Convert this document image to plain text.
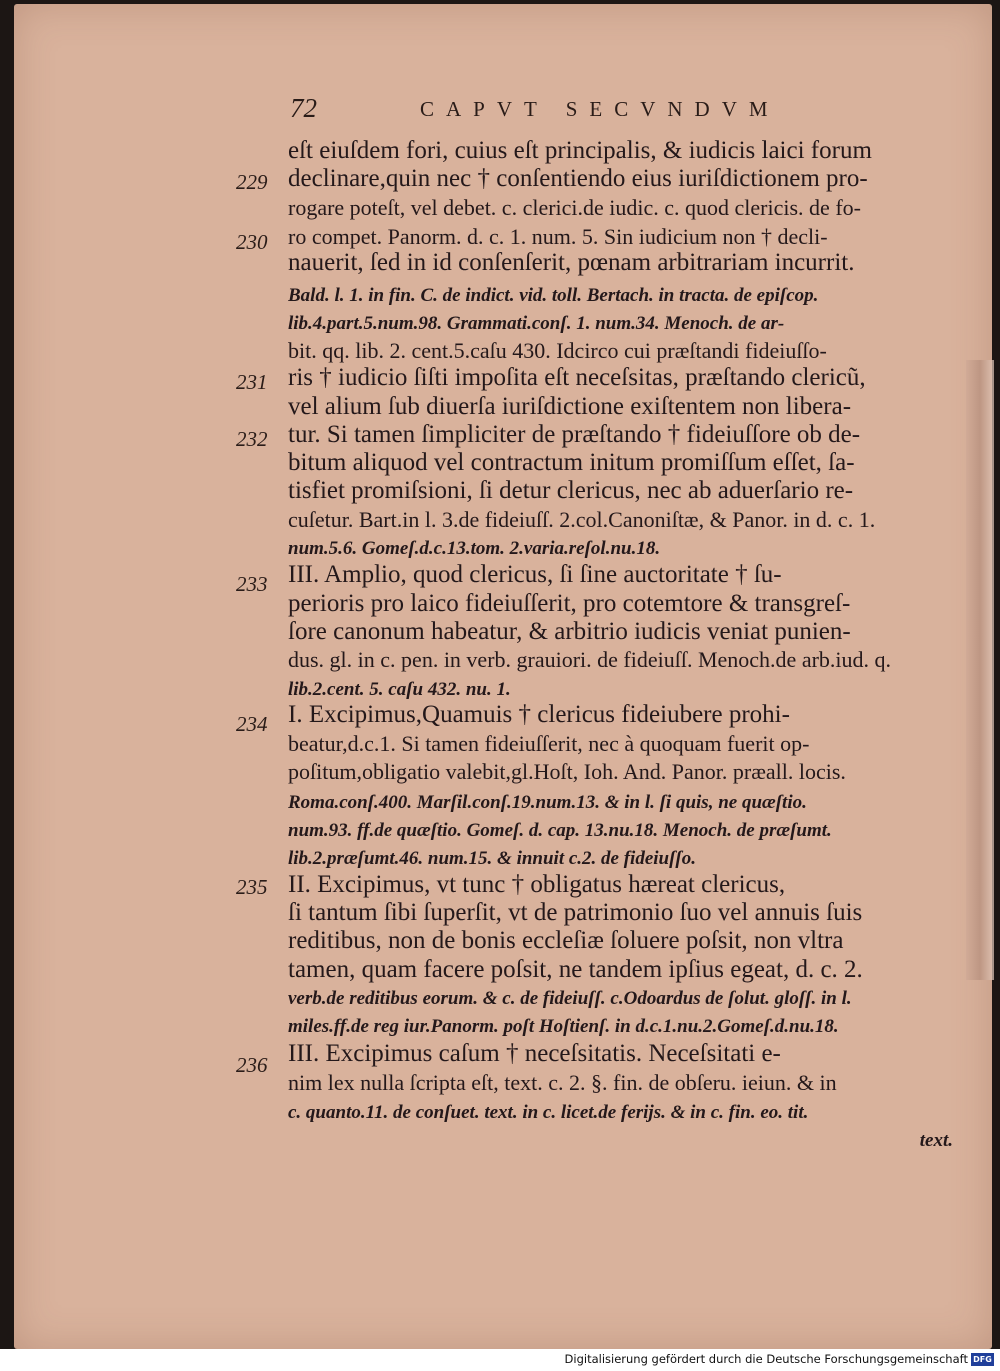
72	CAPVT SECVNDVM
229
230
231
232
233
234
235
236
eſt eiuſdem fori, cuius eſt principalis, & iudicis laici forum
declinare,quin nec † conſentiendo eius iuriſdictionem pro-
rogare poteſt, vel debet. c. clerici.de iudic. c. quod clericis. de fo-
ro compet. Panorm. d. c. 1. num. 5. Sin iudicium non † decli-
nauerit, ſed in id conſenſerit, pœnam arbitrariam incurrit.
Bald. l. 1. in fin. C. de indict. vid. toll. Bertach. in tracta. de epiſcop.
lib.4.part.5.num.98. Grammati.conſ. 1. num.34. Menoch. de ar-
bit. qq. lib. 2. cent.5.caſu 430. Idcirco cui præſtandi fideiuſſo-
ris † iudicio ſiſti impoſita eſt neceſsitas, præſtando clericũ,
vel alium ſub diuerſa iuriſdictione exiſtentem non libera-
tur. Si tamen ſimpliciter de præſtando † fideiuſſore ob de-
bitum aliquod vel contractum initum promiſſum eſſet, ſa-
tisfiet promiſsioni, ſi detur clericus, nec ab aduerſario re-
cuſetur. Bart.in l. 3.de fideiuſſ. 2.col.Canoniſtæ, & Panor. in d. c. 1.
num.5.6. Gomeſ.d.c.13.tom. 2.varia.reſol.nu.18.
III. Amplio, quod clericus, ſi ſine auctoritate † ſu-
perioris pro laico fideiuſſerit, pro cotemtore & transgreſ-
ſore canonum habeatur, & arbitrio iudicis veniat punien-
dus. gl. in c. pen. in verb. grauiori. de fideiuſſ. Menoch.de arb.iud. q.
lib.2.cent. 5. caſu 432. nu. 1.
I. Excipimus,Quamuis † clericus fideiubere prohi-
beatur,d.c.1. Si tamen fideiuſſerit, nec à quoquam fuerit op-
poſitum,obligatio valebit,gl.Hoſt, Ioh. And. Panor. præall. locis.
Roma.conſ.400. Marſil.conſ.19.num.13. & in l. ſi quis, ne quæſtio.
num.93. ff.de quæſtio. Gomeſ. d. cap. 13.nu.18. Menoch. de præſumt.
lib.2.præſumt.46. num.15. & innuit c.2. de fideiuſſo.
II. Excipimus, vt tunc † obligatus hæreat clericus,
ſi tantum ſibi ſuperſit, vt de patrimonio ſuo vel annuis ſuis
reditibus, non de bonis eccleſiæ ſoluere poſsit, non vltra
tamen, quam facere poſsit, ne tandem ipſius egeat, d. c. 2.
verb.de reditibus eorum. & c. de fideiuſſ. c.Odoardus de ſolut. gloſſ. in l.
miles.ff.de reg iur.Panorm. poſt Hoſtienſ. in d.c.1.nu.2.Gomeſ.d.nu.18.
III. Excipimus caſum † neceſsitatis. Neceſsitati e-
nim lex nulla ſcripta eſt, text. c. 2. §. fin. de obſeru. ieiun. & in
c. quanto.11. de conſuet. text. in c. licet.de ferijs. & in c. fin. eo. tit.
text.
Digitalisierung gefördert durch die Deutsche Forschungsgemeinschaft DFG
